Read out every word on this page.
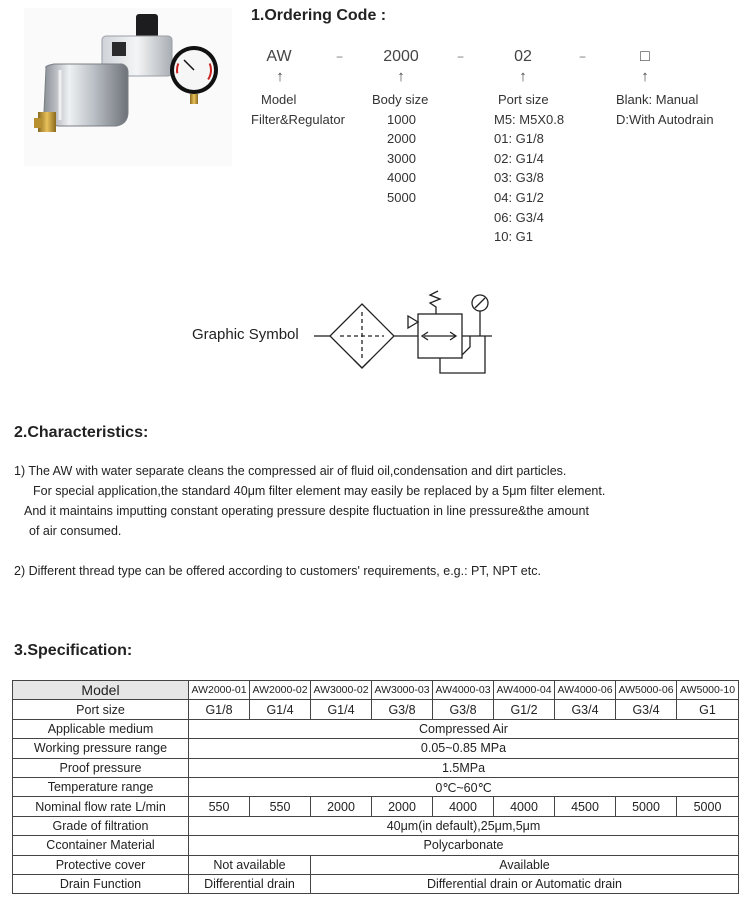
1.Ordering Code :
AW	−	2000	−	02	−	□
↑	↑	↑	↑
Model
Filter&Regulator
Body size
1000
2000
3000
4000
5000
Port size
M5: M5X0.8
01: G1/8
02: G1/4
03: G3/8
04: G1/2
06: G3/4
10: G1
Blank: Manual
D:With Autodrain
Graphic Symbol
2.Characteristics:
1) The AW with water separate cleans the compressed air of fluid oil,condensation and dirt particles.
For special application,the standard 40μm filter element may easily be replaced by a 5μm filter element.
And it maintains imputting constant operating pressure despite fluctuation in line pressure&the amount
of air consumed.
2) Different thread type can be offered according to customers' requirements, e.g.: PT, NPT etc.
3.Specification:
Model	AW2000-01	AW2000-02	AW3000-02	AW3000-03	AW4000-03	AW4000-04	AW4000-06	AW5000-06	AW5000-10
Port size	G1/8	G1/4	G1/4	G3/8	G3/8	G1/2	G3/4	G3/4	G1
Applicable medium	Compressed Air								
Working pressure range	0.05~0.85 MPa								
Proof pressure	1.5MPa								
Temperature range	0℃~60℃								
Nominal flow rate L/min	550	550	2000	2000	4000	4000	4500	5000	5000
Grade of filtration	40μm(in default),25μm,5μm								
Ccontainer Material	Polycarbonate								
Protective cover	Not available		Available						
Drain Function	Differential drain		Differential drain or Automatic drain						
